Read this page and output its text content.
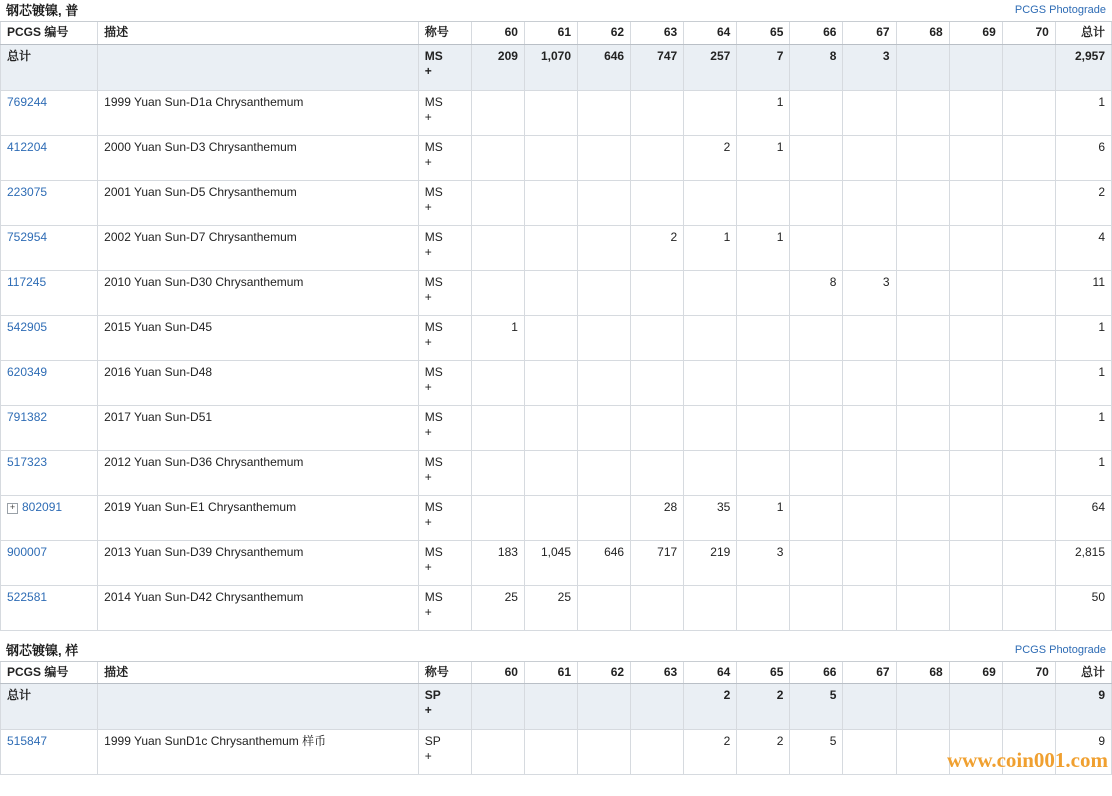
钢芯镀镍, 普	PCGS Photograde
PCGS 编号	描述	称号	60	61	62	63	64	65	66	67	68	69	70	总计
总计		MS
+	209	1,070	646	747	257	7	8	3				2,957
769244	1999 Yuan Sun-D1a Chrysanthemum	MS
+						1						1
412204	2000 Yuan Sun-D3 Chrysanthemum	MS
+					2	1						6
223075	2001 Yuan Sun-D5 Chrysanthemum	MS
+												2
752954	2002 Yuan Sun-D7 Chrysanthemum	MS
+				2	1	1						4
117245	2010 Yuan Sun-D30 Chrysanthemum	MS
+							8	3				11
542905	2015 Yuan Sun-D45	MS
+	1											1
620349	2016 Yuan Sun-D48	MS
+												1
791382	2017 Yuan Sun-D51	MS
+												1
517323	2012 Yuan Sun-D36 Chrysanthemum	MS
+												1
+ 802091	2019 Yuan Sun-E1 Chrysanthemum	MS
+				28	35	1						64
900007	2013 Yuan Sun-D39 Chrysanthemum	MS
+	183	1,045	646	717	219	3						2,815
522581	2014 Yuan Sun-D42 Chrysanthemum	MS
+	25	25										50
钢芯镀镍, 样	PCGS Photograde
PCGS 编号	描述	称号	60	61	62	63	64	65	66	67	68	69	70	总计
总计		SP
+					2	2	5					9
515847	1999 Yuan SunD1c Chrysanthemum 样币	SP
+					2	2	5					9
www.coin001.com
